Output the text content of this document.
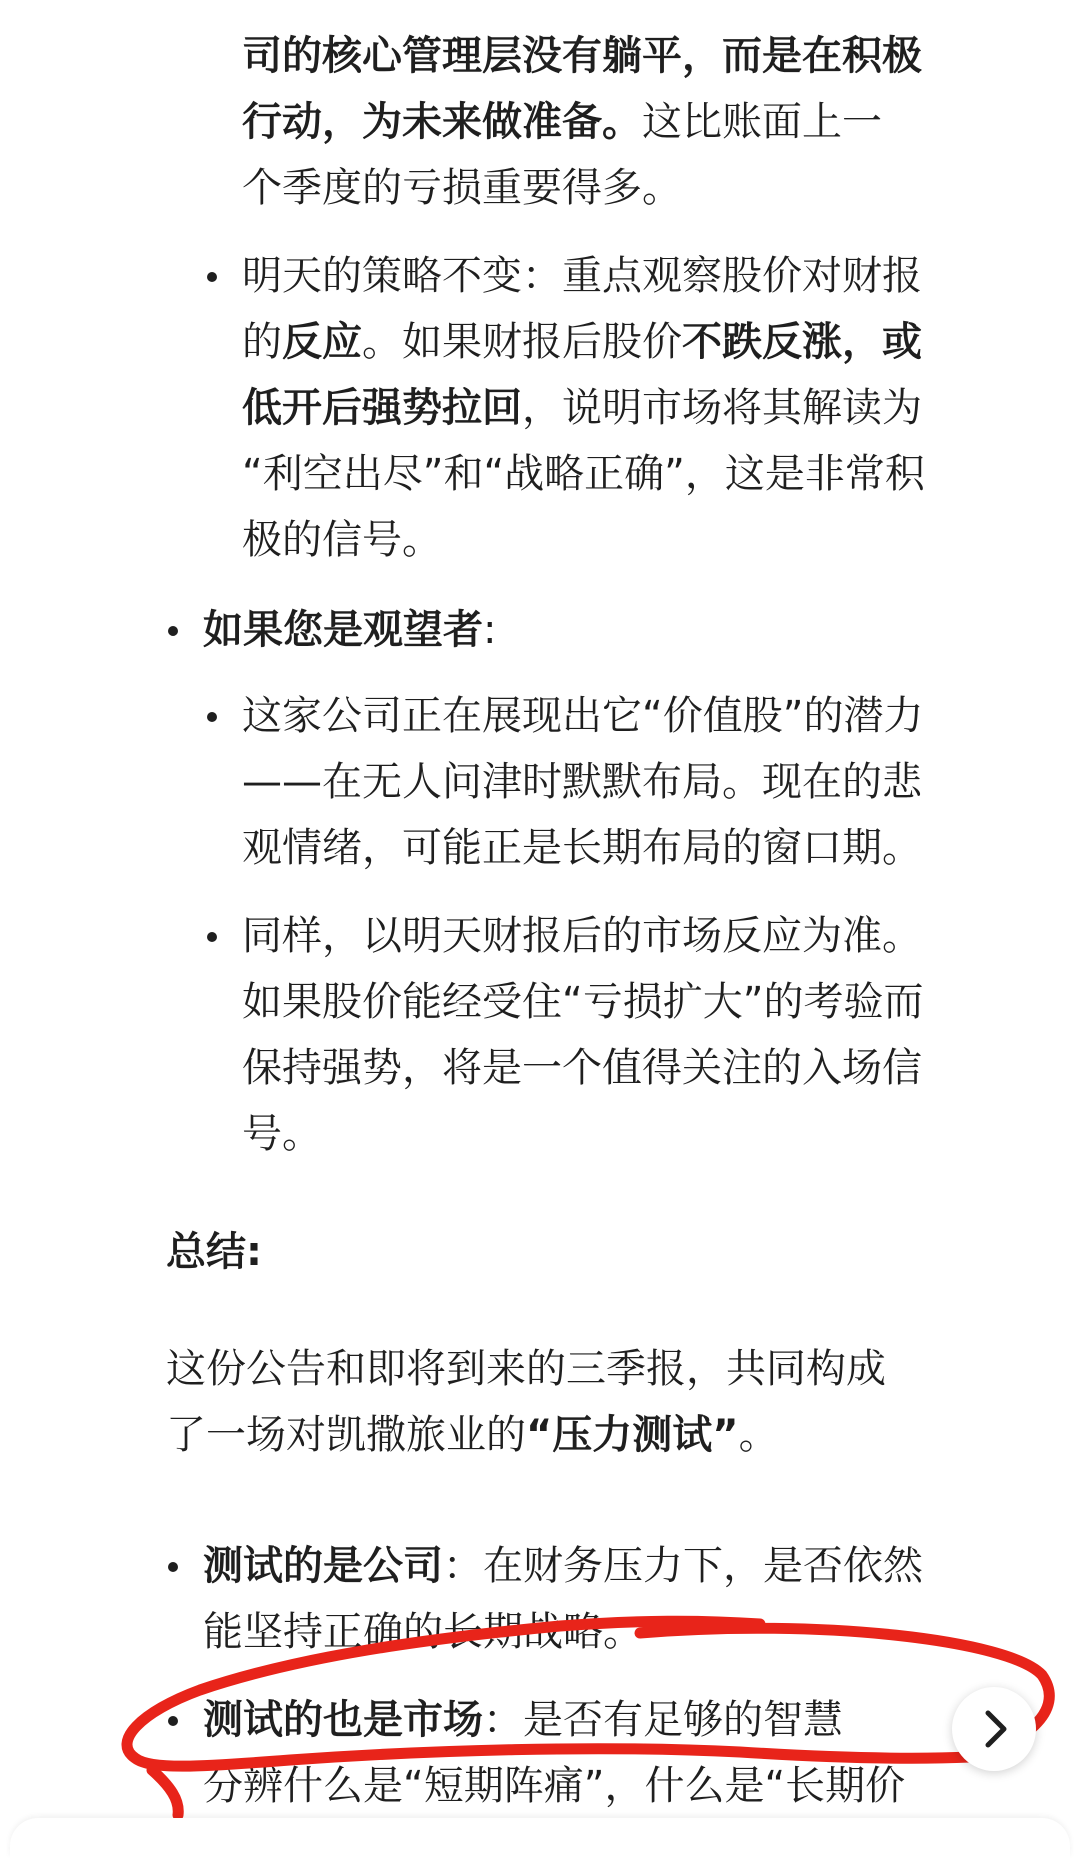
司的核心管理层没有躺平，而是在积极
行动，为未来做准备。这比账面上一
个季度的亏损重要得多。
明天的策略不变：重点观察股价对财报
的反应。如果财报后股价不跌反涨，或
低开后强势拉回，说明市场将其解读为
“利空出尽”和“战略正确”，这是非常积
极的信号。
如果您是观望者:
这家公司正在展现出它“价值股”的潜力
——在无人问津时默默布局。现在的悲
观情绪，可能正是长期布局的窗口期。
同样，以明天财报后的市场反应为准。
如果股价能经受住“亏损扩大”的考验而
保持强势，将是一个值得关注的入场信
号。
总结:
这份公告和即将到来的三季报，共同构成
了一场对凯撒旅业的“压力测试”。
测试的是公司：在财务压力下，是否依然
能坚持正确的长期战略。
测试的也是市场：是否有足够的智慧
分辨什么是“短期阵痛”，什么是“长期价
